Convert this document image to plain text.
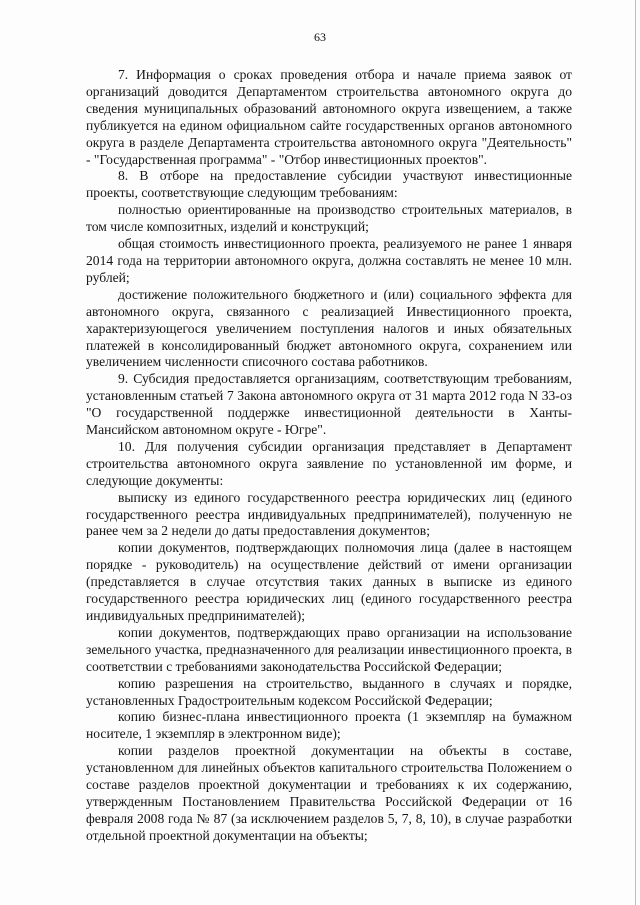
63

7. Информация о сроках проведения отбора и начале приема заявок от организаций доводится Департаментом строительства автономного округа до сведения муниципальных образований автономного округа извещением, а также публикуется на едином официальном сайте государственных органов автономного округа в разделе Департамента строительства автономного округа "Деятельность" - "Государственная программа" - "Отбор инвестиционных проектов".

8. В отборе на предоставление субсидии участвуют инвестиционные проекты, соответствующие следующим требованиям:

полностью ориентированные на производство строительных материалов, в том числе композитных, изделий и конструкций;

общая стоимость инвестиционного проекта, реализуемого не ранее 1 января 2014 года на территории автономного округа, должна составлять не менее 10 млн. рублей;

достижение положительного бюджетного и (или) социального эффекта для автономного округа, связанного с реализацией Инвестиционного проекта, характеризующегося увеличением поступления налогов и иных обязательных платежей в консолидированный бюджет автономного округа, сохранением или увеличением численности списочного состава работников.

9. Субсидия предоставляется организациям, соответствующим требованиям, установленным статьей 7 Закона автономного округа от 31 марта 2012 года N 33-оз "О государственной поддержке инвестиционной деятельности в Ханты-Мансийском автономном округе - Югре".

10. Для получения субсидии организация представляет в Департамент строительства автономного округа заявление по установленной им форме, и следующие документы:

выписку из единого государственного реестра юридических лиц (единого государственного реестра индивидуальных предпринимателей), полученную не ранее чем за 2 недели до даты предоставления документов;

копии документов, подтверждающих полномочия лица (далее в настоящем порядке - руководитель) на осуществление действий от имени организации (представляется в случае отсутствия таких данных в выписке из единого государственного реестра юридических лиц (единого государственного реестра индивидуальных предпринимателей);

копии документов, подтверждающих право организации на использование земельного участка, предназначенного для реализации инвестиционного проекта, в соответствии с требованиями законодательства Российской Федерации;

копию разрешения на строительство, выданного в случаях и порядке, установленных Градостроительным кодексом Российской Федерации;

копию бизнес-плана инвестиционного проекта (1 экземпляр на бумажном носителе, 1 экземпляр в электронном виде);

копии разделов проектной документации на объекты в составе, установленном для линейных объектов капитального строительства Положением о составе разделов проектной документации и требованиях к их содержанию, утвержденным Постановлением Правительства Российской Федерации от 16 февраля 2008 года № 87 (за исключением разделов 5, 7, 8, 10), в случае разработки отдельной проектной документации на объекты;
